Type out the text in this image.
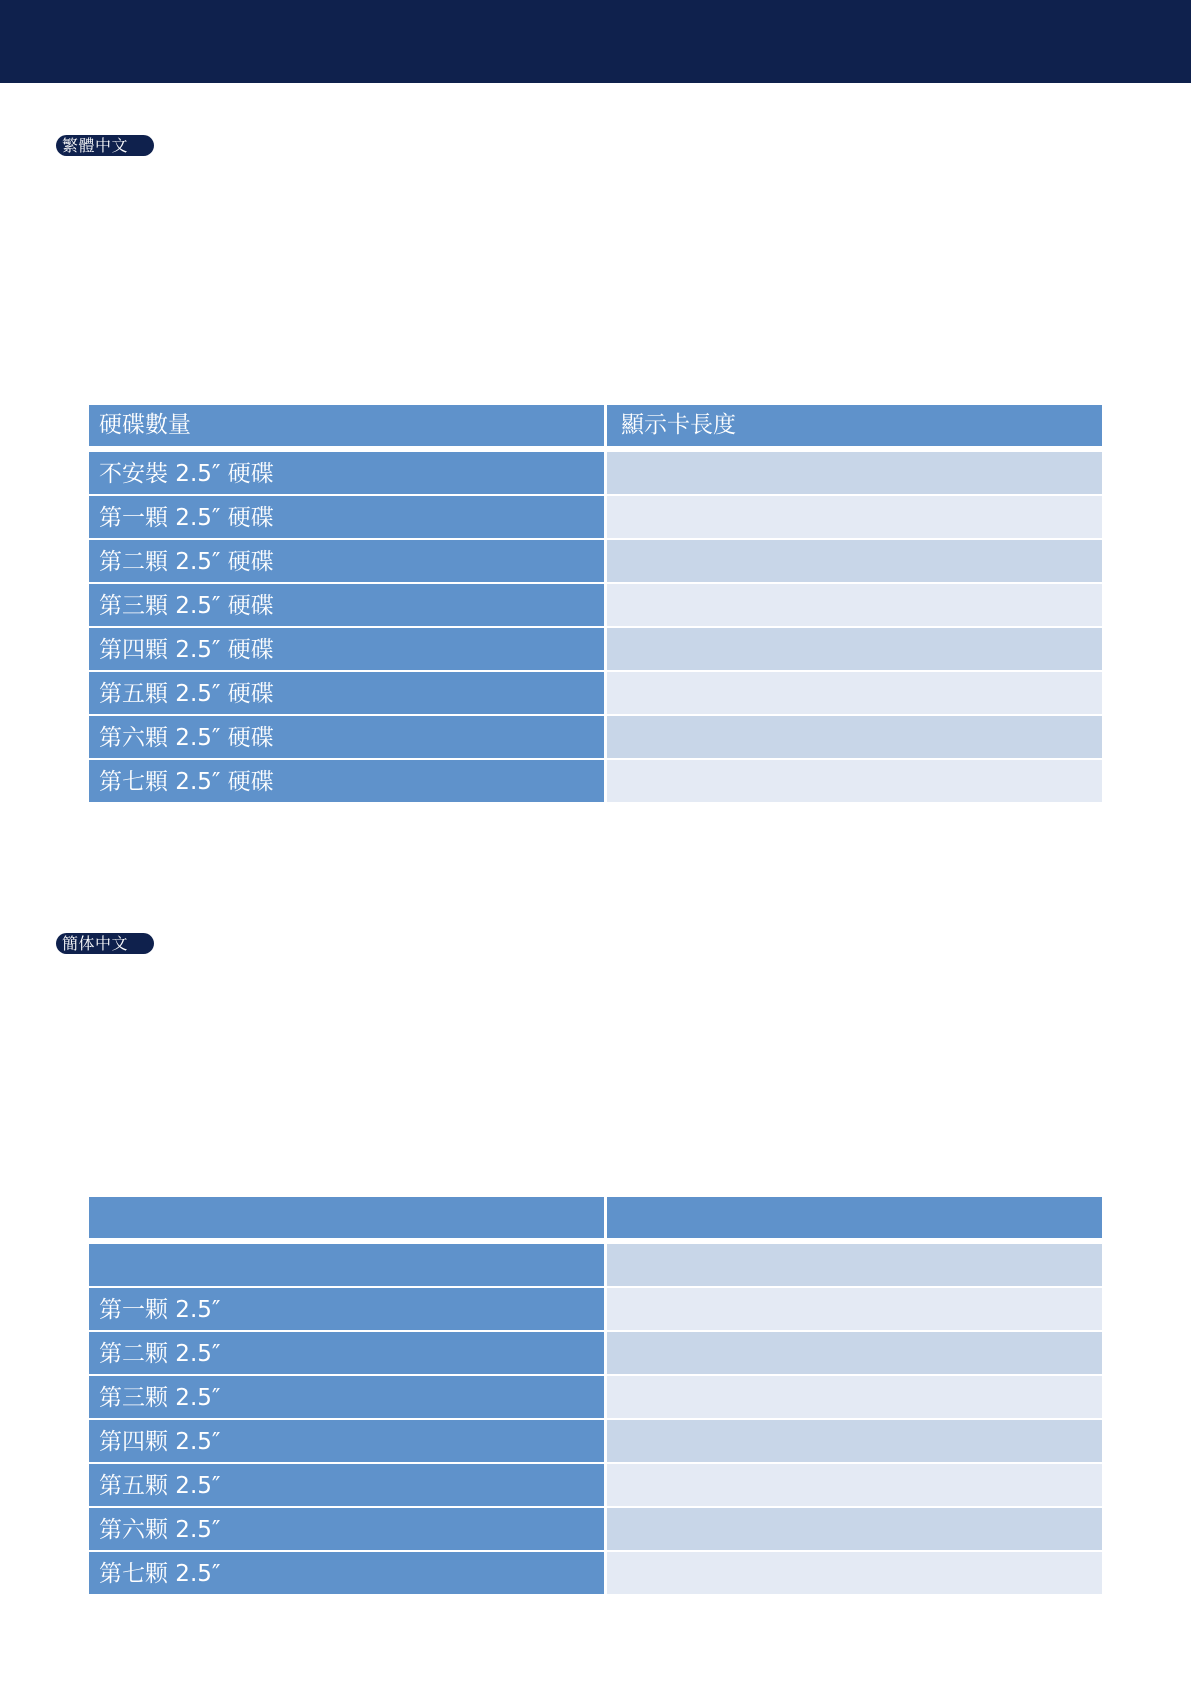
繁體中文
硬碟數量	顯示卡長度
不安裝 2.5″ 硬碟
第一顆 2.5″ 硬碟
第二顆 2.5″ 硬碟
第三顆 2.5″ 硬碟
第四顆 2.5″ 硬碟
第五顆 2.5″ 硬碟
第六顆 2.5″ 硬碟
第七顆 2.5″ 硬碟
簡体中文
第一颗 2.5″
第二颗 2.5″
第三颗 2.5″
第四颗 2.5″
第五颗 2.5″
第六颗 2.5″
第七颗 2.5″
